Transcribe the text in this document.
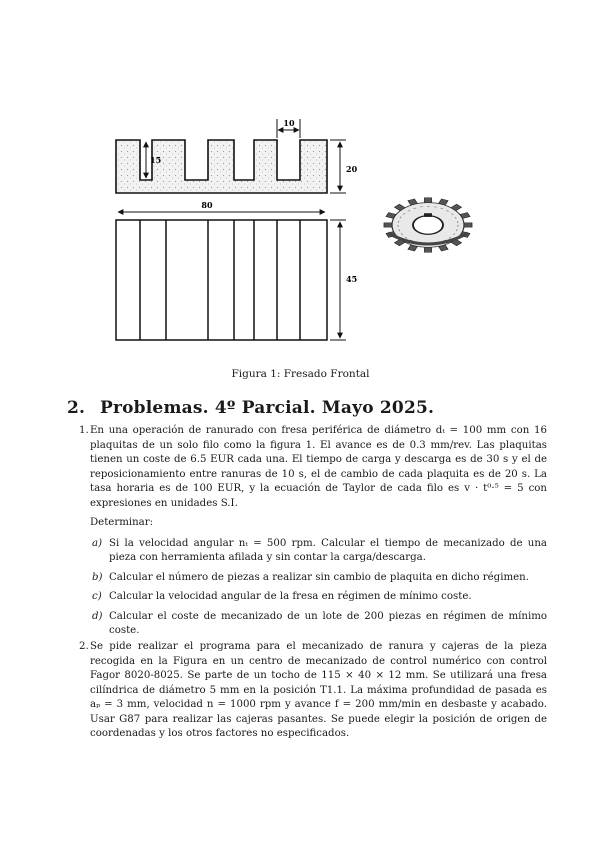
10
15
20
80
45
Figura 1: Fresado Frontal
2. Problemas. 4º Parcial. Mayo 2025.
1. En una operación de ranurado con fresa periférica de diámetro dₜ = 100 mm con 16 plaquitas de un solo filo como la figura 1. El avance es de 0.3 mm/rev. Las plaquitas tienen un coste de 6.5 EUR cada una. El tiempo de carga y descarga es de 30 s y el de reposicionamiento entre ranuras de 10 s, el de cambio de cada plaquita es de 20 s. La tasa horaria es de 100 EUR, y la ecuación de Taylor de cada filo es v · t⁰·⁵ = 5 con expresiones en unidades S.I.
Determinar:
a) Si la velocidad angular nₜ = 500 rpm. Calcular el tiempo de mecanizado de una pieza con herramienta afilada y sin contar la carga/descarga.
b) Calcular el número de piezas a realizar sin cambio de plaquita en dicho régimen.
c) Calcular la velocidad angular de la fresa en régimen de mínimo coste.
d) Calcular el coste de mecanizado de un lote de 200 piezas en régimen de mínimo coste.
2. Se pide realizar el programa para el mecanizado de ranura y cajeras de la pieza recogida en la Figura en un centro de mecanizado de control numérico con control Fagor 8020-8025. Se parte de un tocho de 115 × 40 × 12 mm. Se utilizará una fresa cilíndrica de diámetro 5 mm en la posición T1.1. La máxima profundidad de pasada es aₚ = 3 mm, velocidad n = 1000 rpm y avance f = 200 mm/min en desbaste y acabado. Usar G87 para realizar las cajeras pasantes. Se puede elegir la posición de origen de coordenadas y los otros factores no especificados.
